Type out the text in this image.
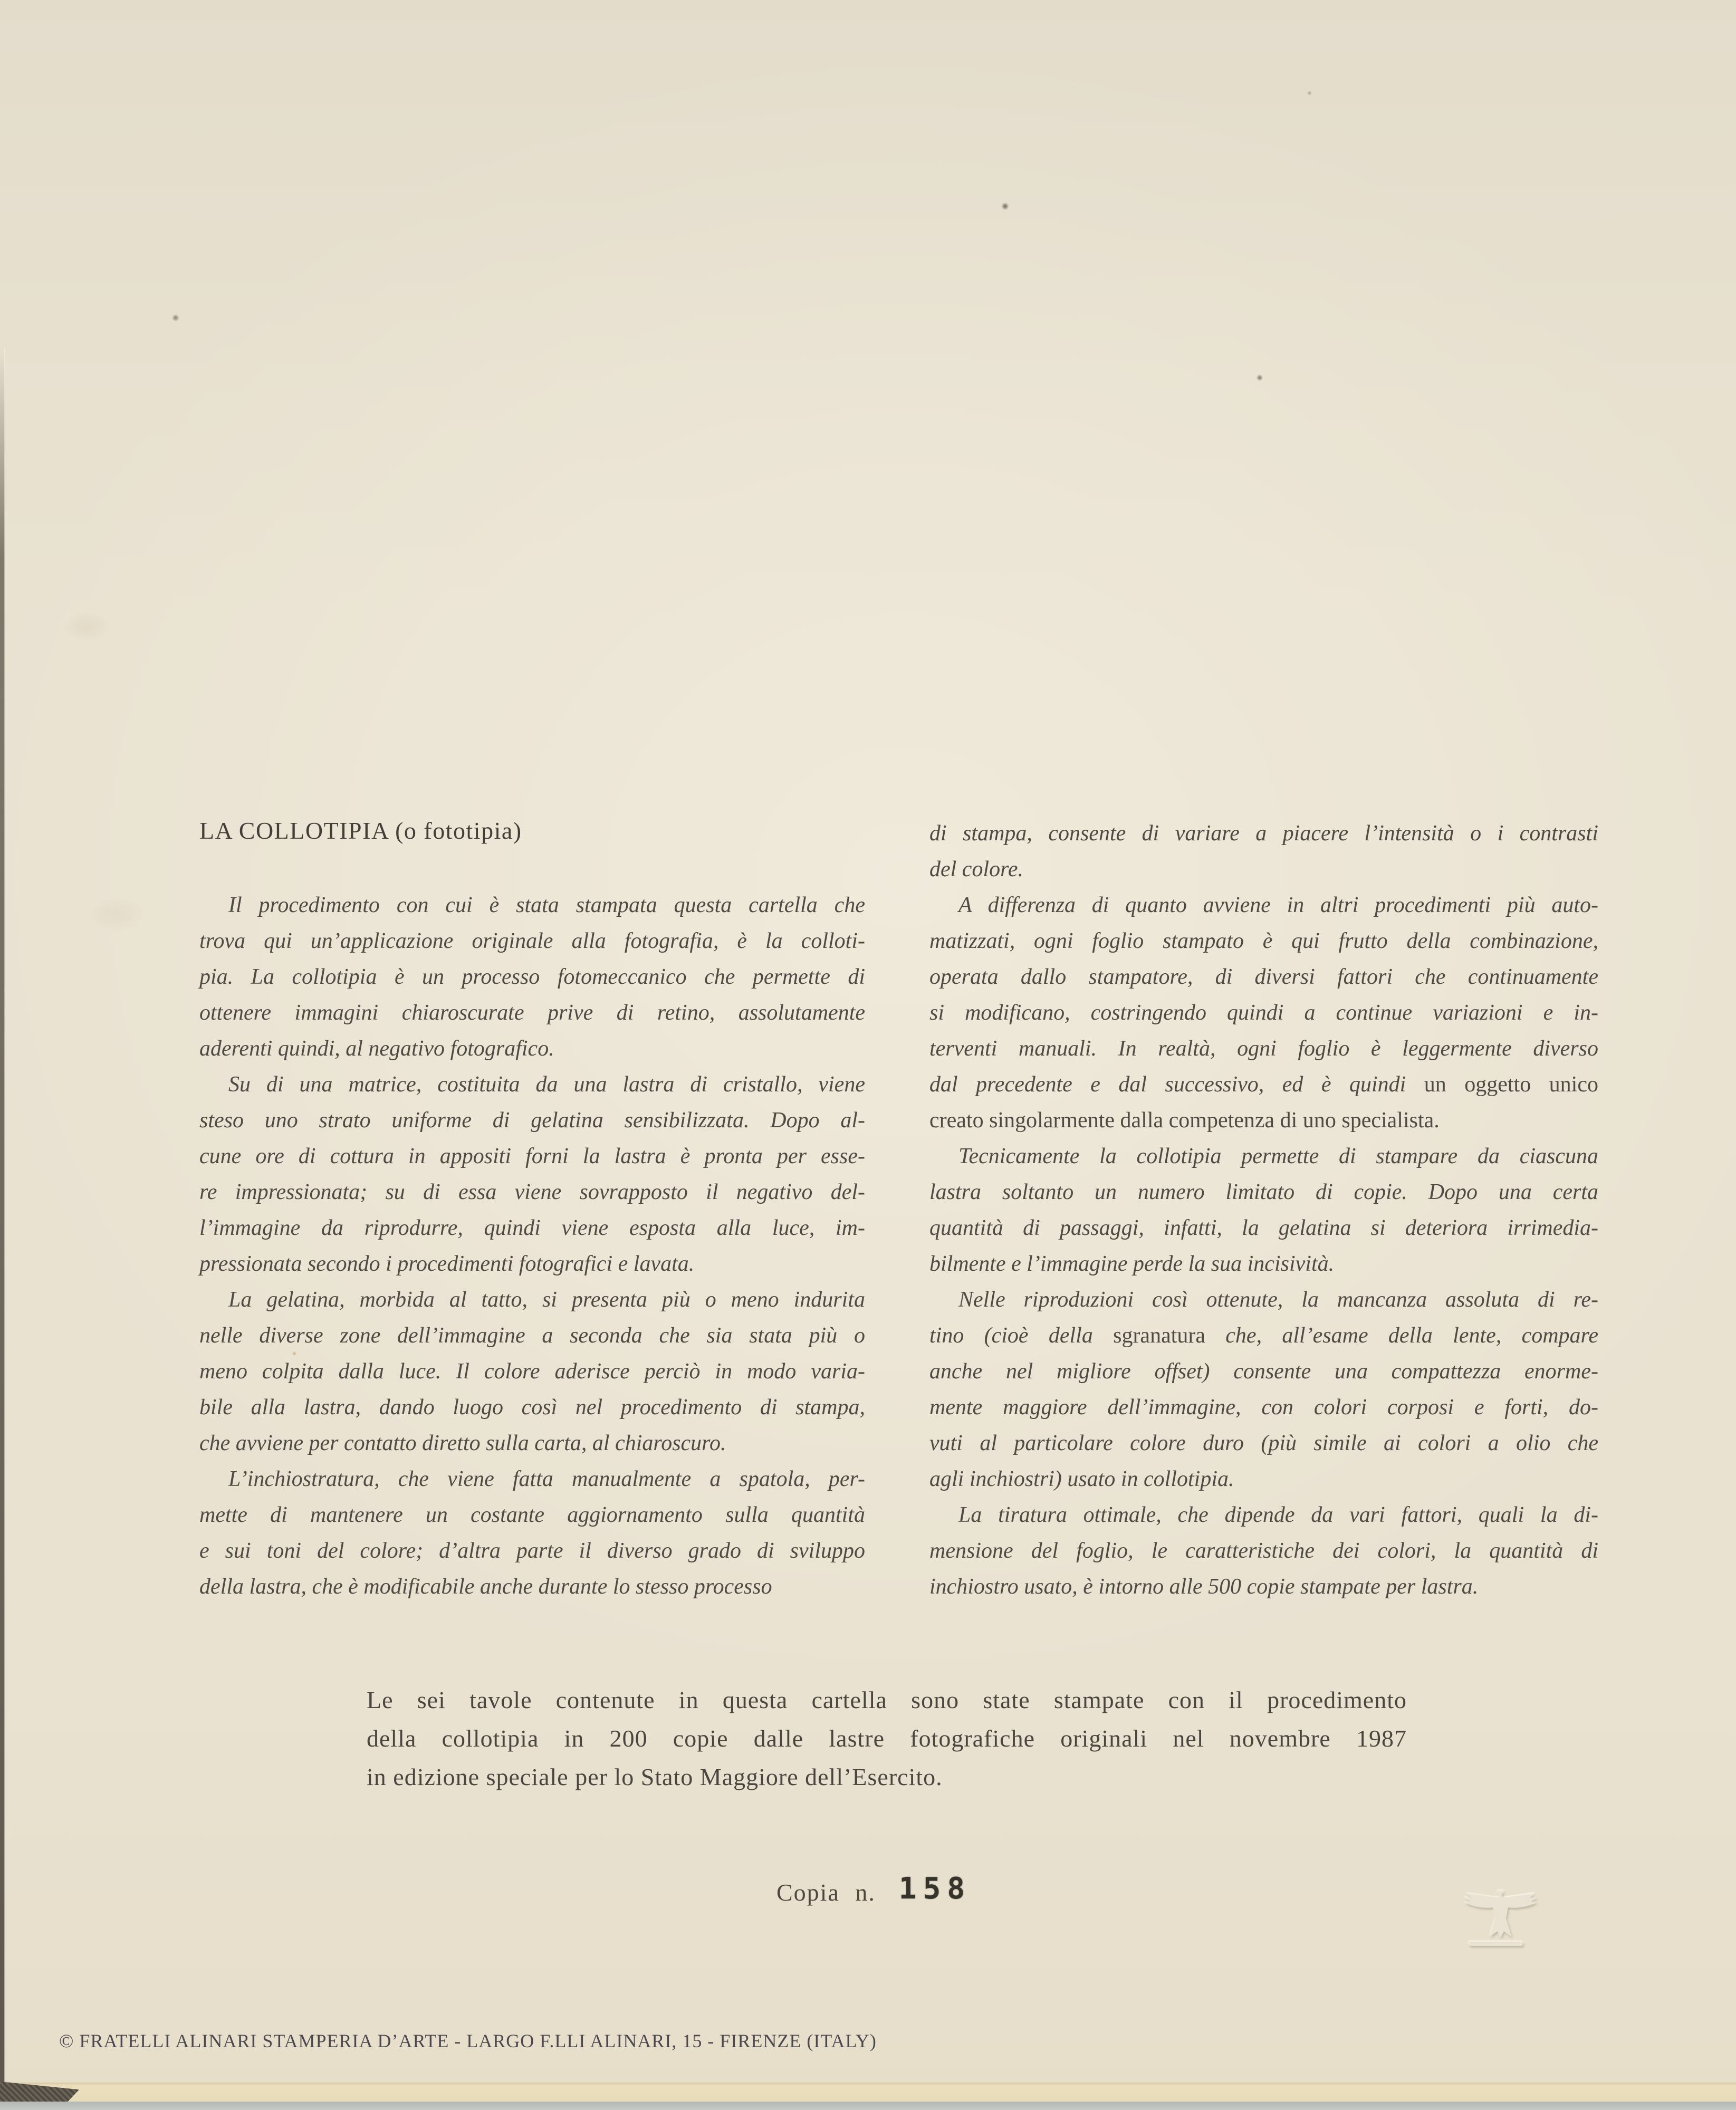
LA COLLOTIPIA (o fototipia)
Il procedimento con cui è stata stampata questa cartella che
trova qui un’applicazione originale alla fotografia, è la colloti-
pia. La collotipia è un processo fotomeccanico che permette di
ottenere immagini chiaroscurate prive di retino, assolutamente
aderenti quindi, al negativo fotografico.
Su di una matrice, costituita da una lastra di cristallo, viene
steso uno strato uniforme di gelatina sensibilizzata. Dopo al-
cune ore di cottura in appositi forni la lastra è pronta per esse-
re impressionata; su di essa viene sovrapposto il negativo del-
l’immagine da riprodurre, quindi viene esposta alla luce, im-
pressionata secondo i procedimenti fotografici e lavata.
La gelatina, morbida al tatto, si presenta più o meno indurita
nelle diverse zone dell’immagine a seconda che sia stata più o
meno colpita dalla luce. Il colore aderisce perciò in modo varia-
bile alla lastra, dando luogo così nel procedimento di stampa,
che avviene per contatto diretto sulla carta, al chiaroscuro.
L’inchiostratura, che viene fatta manualmente a spatola, per-
mette di mantenere un costante aggiornamento sulla quantità
e sui toni del colore; d’altra parte il diverso grado di sviluppo
della lastra, che è modificabile anche durante lo stesso processo
di stampa, consente di variare a piacere l’intensità o i contrasti
del colore.
A differenza di quanto avviene in altri procedimenti più auto-
matizzati, ogni foglio stampato è qui frutto della combinazione,
operata dallo stampatore, di diversi fattori che continuamente
si modificano, costringendo quindi a continue variazioni e in-
terventi manuali. In realtà, ogni foglio è leggermente diverso
dal precedente e dal successivo, ed è quindi un oggetto unico
creato singolarmente dalla competenza di uno specialista.
Tecnicamente la collotipia permette di stampare da ciascuna
lastra soltanto un numero limitato di copie. Dopo una certa
quantità di passaggi, infatti, la gelatina si deteriora irrimedia-
bilmente e l’immagine perde la sua incisività.
Nelle riproduzioni così ottenute, la mancanza assoluta di re-
tino (cioè della sgranatura che, all’esame della lente, compare
anche nel migliore offset) consente una compattezza enorme-
mente maggiore dell’immagine, con colori corposi e forti, do-
vuti al particolare colore duro (più simile ai colori a olio che
agli inchiostri) usato in collotipia.
La tiratura ottimale, che dipende da vari fattori, quali la di-
mensione del foglio, le caratteristiche dei colori, la quantità di
inchiostro usato, è intorno alle 500 copie stampate per lastra.
Le sei tavole contenute in questa cartella sono state stampate con il procedimento
della collotipia in 200 copie dalle lastre fotografiche originali nel novembre 1987
in edizione speciale per lo Stato Maggiore dell’Esercito.
Copia n. 158
© FRATELLI ALINARI STAMPERIA D’ARTE - LARGO F.LLI ALINARI, 15 - FIRENZE (ITALY)
